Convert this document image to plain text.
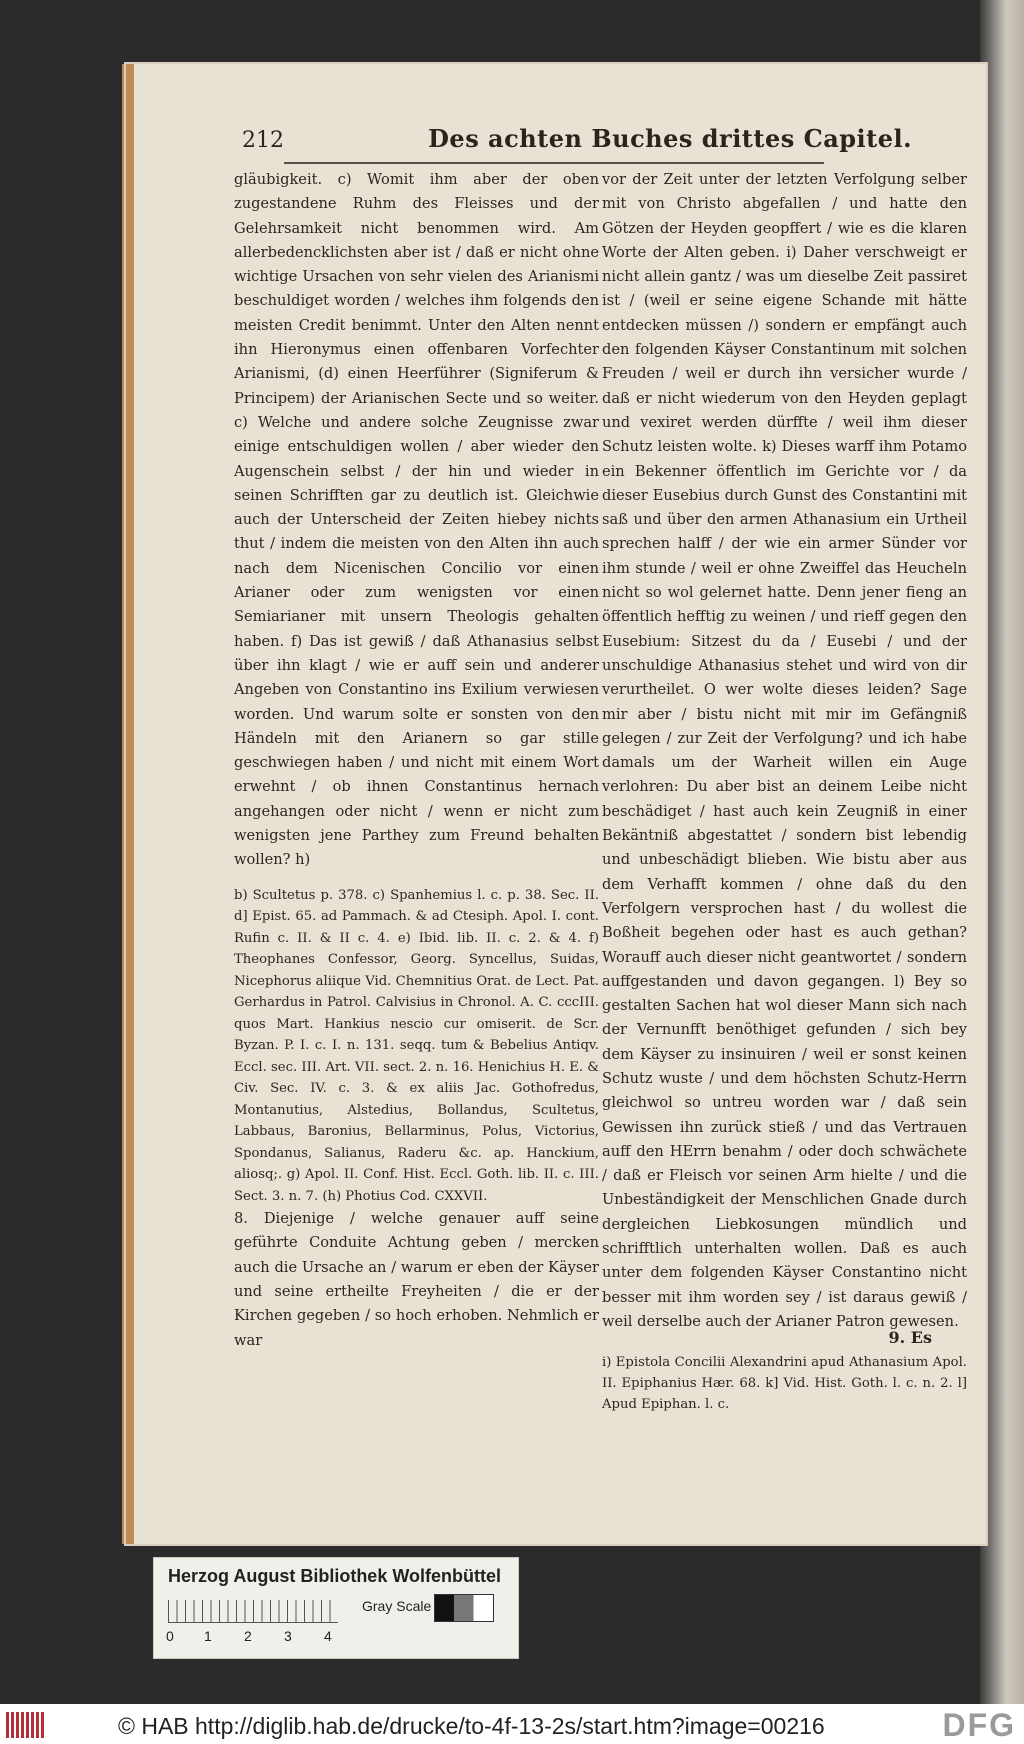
212	Des achten Buches drittes Capitel.

gläubigkeit. c) Womit ihm aber der oben zugestandene Ruhm des Fleisses und der Gelehrsamkeit nicht benommen wird. Am allerbedencklichsten aber ist / daß er nicht ohne wichtige Ursachen von sehr vielen des Arianismi beschuldiget worden / welches ihm folgends den meisten Credit benimmt. Unter den Alten nennt ihn Hieronymus einen offenbaren Vorfechter Arianismi, (d) einen Heerführer (Signiferum & Principem) der Arianischen Secte und so weiter. c) Welche und andere solche Zeugnisse zwar einige entschuldigen wollen / aber wieder den Augenschein selbst / der hin und wieder in seinen Schrifften gar zu deutlich ist. Gleichwie auch der Unterscheid der Zeiten hiebey nichts thut / indem die meisten von den Alten ihn auch nach dem Nicenischen Concilio vor einen Arianer oder zum wenigsten vor einen Semiarianer mit unsern Theologis gehalten haben. f) Das ist gewiß / daß Athanasius selbst über ihn klagt / wie er auff sein und anderer Angeben von Constantino ins Exilium verwiesen worden. Und warum solte er sonsten von den Händeln mit den Arianern so gar stille geschwiegen haben / und nicht mit einem Wort erwehnt / ob ihnen Constantinus hernach angehangen oder nicht / wenn er nicht zum wenigsten jene Parthey zum Freund behalten wollen? h)

b) Scultetus p. 378. c) Spanhemius l. c. p. 38. Sec. II. d] Epist. 65. ad Pammach. & ad Ctesiph. Apol. I. cont. Rufin c. II. & II c. 4. e) Ibid. lib. II. c. 2. & 4. f) Theophanes Confessor, Georg. Syncellus, Suidas, Nicephorus aliique Vid. Chemnitius Orat. de Lect. Pat. Gerhardus in Patrol. Calvisius in Chronol. A. C. cccIII. quos Mart. Hankius nescio cur omiserit. de Scr. Byzan. P. I. c. I. n. 131. seqq. tum & Bebelius Antiqv. Eccl. sec. III. Art. VII. sect. 2. n. 16. Henichius H. E. & Civ. Sec. IV. c. 3. & ex aliis Jac. Gothofredus, Montanutius, Alstedius, Bollandus, Scultetus, Labbaus, Baronius, Bellarminus, Polus, Victorius, Spondanus, Salianus, Raderu &c. ap. Hanckium, aliosq;. g) Apol. II. Conf. Hist. Eccl. Goth. lib. II. c. III. Sect. 3. n. 7. (h) Photius Cod. CXXVII.

8. Diejenige / welche genauer auff seine geführte Conduite Achtung geben / mercken auch die Ursache an / warum er eben der Käyser und seine ertheilte Freyheiten / die er der Kirchen gegeben / so hoch erhoben. Nehmlich er war

vor der Zeit unter der letzten Verfolgung selber mit von Christo abgefallen / und hatte den Götzen der Heyden geopffert / wie es die klaren Worte der Alten geben. i) Daher verschweigt er nicht allein gantz / was um dieselbe Zeit passiret ist / (weil er seine eigene Schande mit hätte entdecken müssen /) sondern er empfängt auch den folgenden Käyser Constantinum mit solchen Freuden / weil er durch ihn versicher wurde / daß er nicht wiederum von den Heyden geplagt und vexiret werden dürffte / weil ihm dieser Schutz leisten wolte. k) Dieses warff ihm Potamo ein Bekenner öffentlich im Gerichte vor / da dieser Eusebius durch Gunst des Constantini mit saß und über den armen Athanasium ein Urtheil sprechen halff / der wie ein armer Sünder vor ihm stunde / weil er ohne Zweiffel das Heucheln nicht so wol gelernet hatte. Denn jener fieng an öffentlich hefftig zu weinen / und rieff gegen den Eusebium: Sitzest du da / Eusebi / und der unschuldige Athanasius stehet und wird von dir verurtheilet. O wer wolte dieses leiden? Sage mir aber / bistu nicht mit mir im Gefängniß gelegen / zur Zeit der Verfolgung? und ich habe damals um der Warheit willen ein Auge verlohren: Du aber bist an deinem Leibe nicht beschädiget / hast auch kein Zeugniß in einer Bekäntniß abgestattet / sondern bist lebendig und unbeschädigt blieben. Wie bistu aber aus dem Verhafft kommen / ohne daß du den Verfolgern versprochen hast / du wollest die Boßheit begehen oder hast es auch gethan? Worauff auch dieser nicht geantwortet / sondern auffgestanden und davon gegangen. l) Bey so gestalten Sachen hat wol dieser Mann sich nach der Vernunfft benöthiget gefunden / sich bey dem Käyser zu insinuiren / weil er sonst keinen Schutz wuste / und dem höchsten Schutz-Herrn gleichwol so untreu worden war / daß sein Gewissen ihn zurück stieß / und das Vertrauen auff den HErrn benahm / oder doch schwächete / daß er Fleisch vor seinen Arm hielte / und die Unbeständigkeit der Menschlichen Gnade durch dergleichen Liebkosungen mündlich und schrifftlich unterhalten wollen. Daß es auch unter dem folgenden Käyser Constantino nicht besser mit ihm worden sey / ist daraus gewiß / weil derselbe auch der Arianer Patron gewesen.

i) Epistola Concilii Alexandrini apud Athanasium Apol. II. Epiphanius Hær. 68. k] Vid. Hist. Goth. l. c. n. 2. l] Apud Epiphan. l. c.

9. Es
Herzog August Bibliothek Wolfenbüttel
0 1 2 3 4
Gray Scale
© HAB http://diglib.hab.de/drucke/to-4f-13-2s/start.htm?image=00216	DFG
